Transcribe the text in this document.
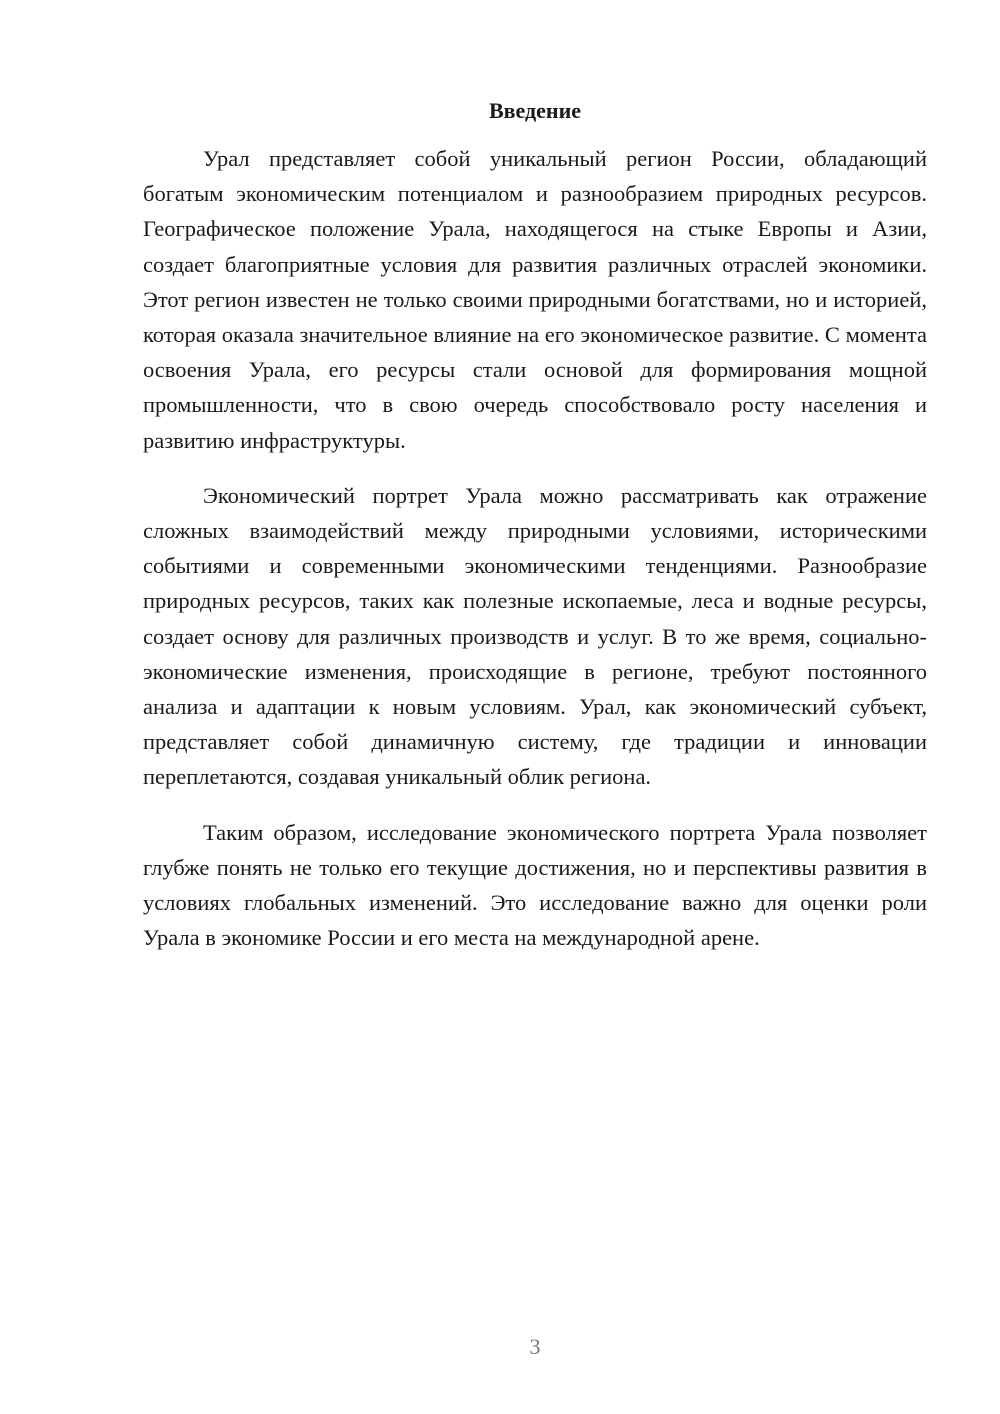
Введение

Урал представляет собой уникальный регион России, обладающий богатым экономическим потенциалом и разнообразием природных ресурсов. Географическое положение Урала, находящегося на стыке Европы и Азии, создает благоприятные условия для развития различных отраслей экономики. Этот регион известен не только своими природными богатствами, но и историей, которая оказала значительное влияние на его экономическое развитие. С момента освоения Урала, его ресурсы стали основой для формирования мощной промышленности, что в свою очередь способствовало росту населения и развитию инфраструктуры.

Экономический портрет Урала можно рассматривать как отражение сложных взаимодействий между природными условиями, историческими событиями и современными экономическими тенденциями. Разнообразие природных ресурсов, таких как полезные ископаемые, леса и водные ресурсы, создает основу для различных производств и услуг. В то же время, социально-экономические изменения, происходящие в регионе, требуют постоянного анализа и адаптации к новым условиям. Урал, как экономический субъект, представляет собой динамичную систему, где традиции и инновации переплетаются, создавая уникальный облик региона.

Таким образом, исследование экономического портрета Урала позволяет глубже понять не только его текущие достижения, но и перспективы развития в условиях глобальных изменений. Это исследование важно для оценки роли Урала в экономике России и его места на международной арене.

3
